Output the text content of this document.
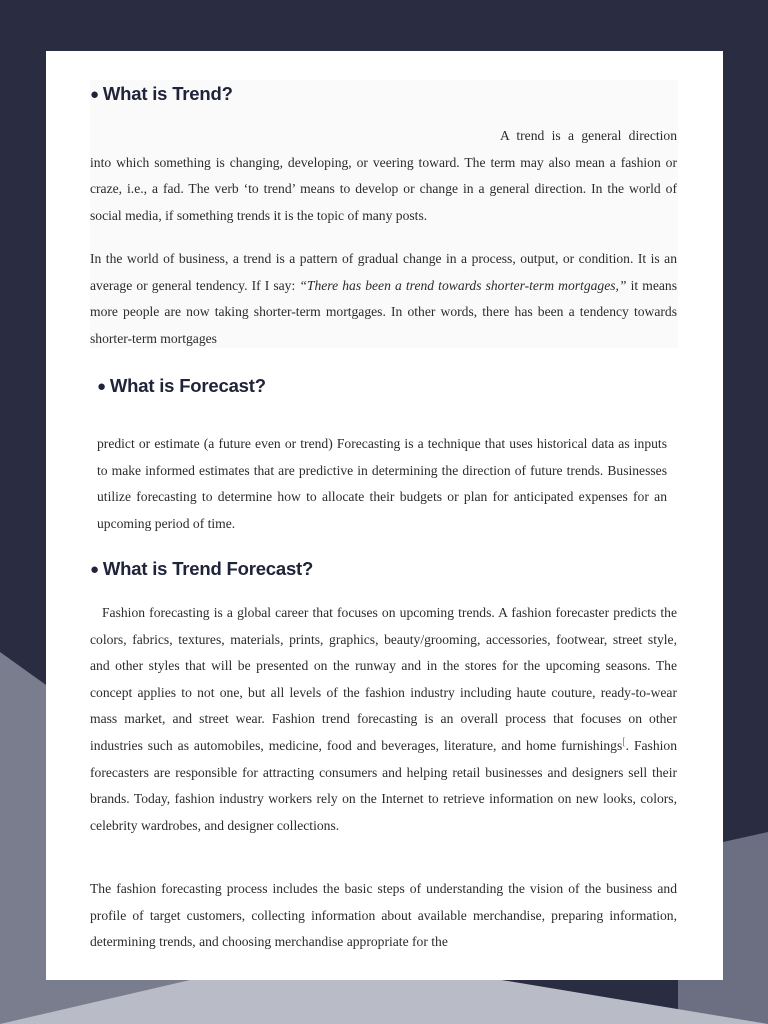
● What is Trend?
A trend is a general direction into which something is changing, developing, or veering toward. The term may also mean a fashion or craze, i.e., a fad. The verb ‘to trend’ means to develop or change in a general direction. In the world of social media, if something trends it is the topic of many posts.
In the world of business, a trend is a pattern of gradual change in a process, output, or condition. It is an average or general tendency. If I say: “There has been a trend towards shorter-term mortgages,” it means more people are now taking shorter-term mortgages. In other words, there has been a tendency towards shorter-term mortgages
● What is Forecast?
predict or estimate (a future even or trend) Forecasting is a technique that uses historical data as inputs to make informed estimates that are predictive in determining the direction of future trends. Businesses utilize forecasting to determine how to allocate their budgets or plan for anticipated expenses for an upcoming period of time.
● What is Trend Forecast?
Fashion forecasting is a global career that focuses on upcoming trends. A fashion forecaster predicts the colors, fabrics, textures, materials, prints, graphics, beauty/grooming, accessories, footwear, street style, and other styles that will be presented on the runway and in the stores for the upcoming seasons. The concept applies to not one, but all levels of the fashion industry including haute couture, ready-to-wear mass market, and street wear. Fashion trend forecasting is an overall process that focuses on other industries such as automobiles, medicine, food and beverages, literature, and home furnishings[. Fashion forecasters are responsible for attracting consumers and helping retail businesses and designers sell their brands. Today, fashion industry workers rely on the Internet to retrieve information on new looks, colors, celebrity wardrobes, and designer collections.
The fashion forecasting process includes the basic steps of understanding the vision of the business and profile of target customers, collecting information about available merchandise, preparing information, determining trends, and choosing merchandise appropriate for the
